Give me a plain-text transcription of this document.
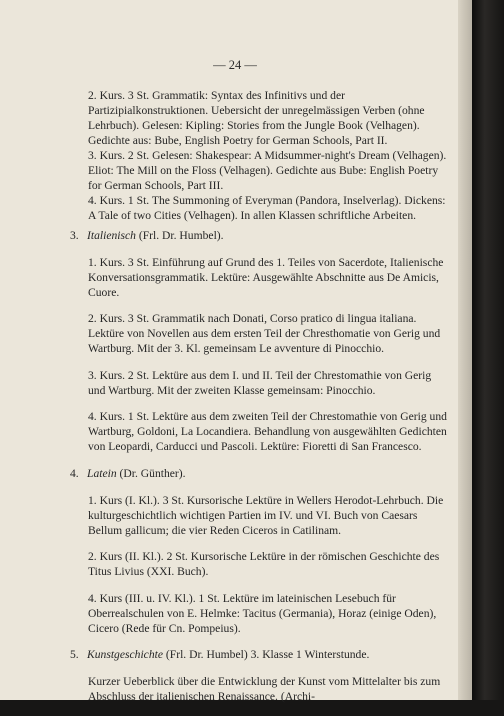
— 24 —

2. Kurs. 3 St. Grammatik: Syntax des Infinitivs und der Partizipialkonstruktionen. Uebersicht der unregelmässigen Verben (ohne Lehrbuch). Gelesen: Kipling: Stories from the Jungle Book (Velhagen). Gedichte aus: Bube, English Poetry for German Schools, Part II.

3. Kurs. 2 St. Gelesen: Shakespear: A Midsummer-night's Dream (Velhagen). Eliot: The Mill on the Floss (Velhagen). Gedichte aus Bube: English Poetry for German Schools, Part III.

4. Kurs. 1 St. The Summoning of Everyman (Pandora, Inselverlag). Dickens: A Tale of two Cities (Velhagen). In allen Klassen schriftliche Arbeiten.

3. Italienisch (Frl. Dr. Humbel).

1. Kurs. 3 St. Einführung auf Grund des 1. Teiles von Sacerdote, Italienische Konversationsgrammatik. Lektüre: Ausgewählte Abschnitte aus De Amicis, Cuore.

2. Kurs. 3 St. Grammatik nach Donati, Corso pratico di lingua italiana. Lektüre von Novellen aus dem ersten Teil der Chresthomatie von Gerig und Wartburg. Mit der 3. Kl. gemeinsam Le avventure di Pinocchio.

3. Kurs. 2 St. Lektüre aus dem I. und II. Teil der Chrestomathie von Gerig und Wartburg. Mit der zweiten Klasse gemeinsam: Pinocchio.

4. Kurs. 1 St. Lektüre aus dem zweiten Teil der Chrestomathie von Gerig und Wartburg, Goldoni, La Locandiera. Behandlung von ausgewählten Gedichten von Leopardi, Carducci und Pascoli. Lektüre: Fioretti di San Francesco.

4. Latein (Dr. Günther).

1. Kurs (I. Kl.). 3 St. Kursorische Lektüre in Wellers Herodot-Lehrbuch. Die kulturgeschichtlich wichtigen Partien im IV. und VI. Buch von Caesars Bellum gallicum; die vier Reden Ciceros in Catilinam.

2. Kurs (II. Kl.). 2 St. Kursorische Lektüre in der römischen Geschichte des Titus Livius (XXI. Buch).

4. Kurs (III. u. IV. Kl.). 1 St. Lektüre im lateinischen Lesebuch für Oberrealschulen von E. Helmke: Tacitus (Germania), Horaz (einige Oden), Cicero (Rede für Cn. Pompeius).

5. Kunstgeschichte (Frl. Dr. Humbel) 3. Klasse 1 Winterstunde.

Kurzer Ueberblick über die Entwicklung der Kunst vom Mittelalter bis zum Abschluss der italienischen Renaissance. (Archi-
